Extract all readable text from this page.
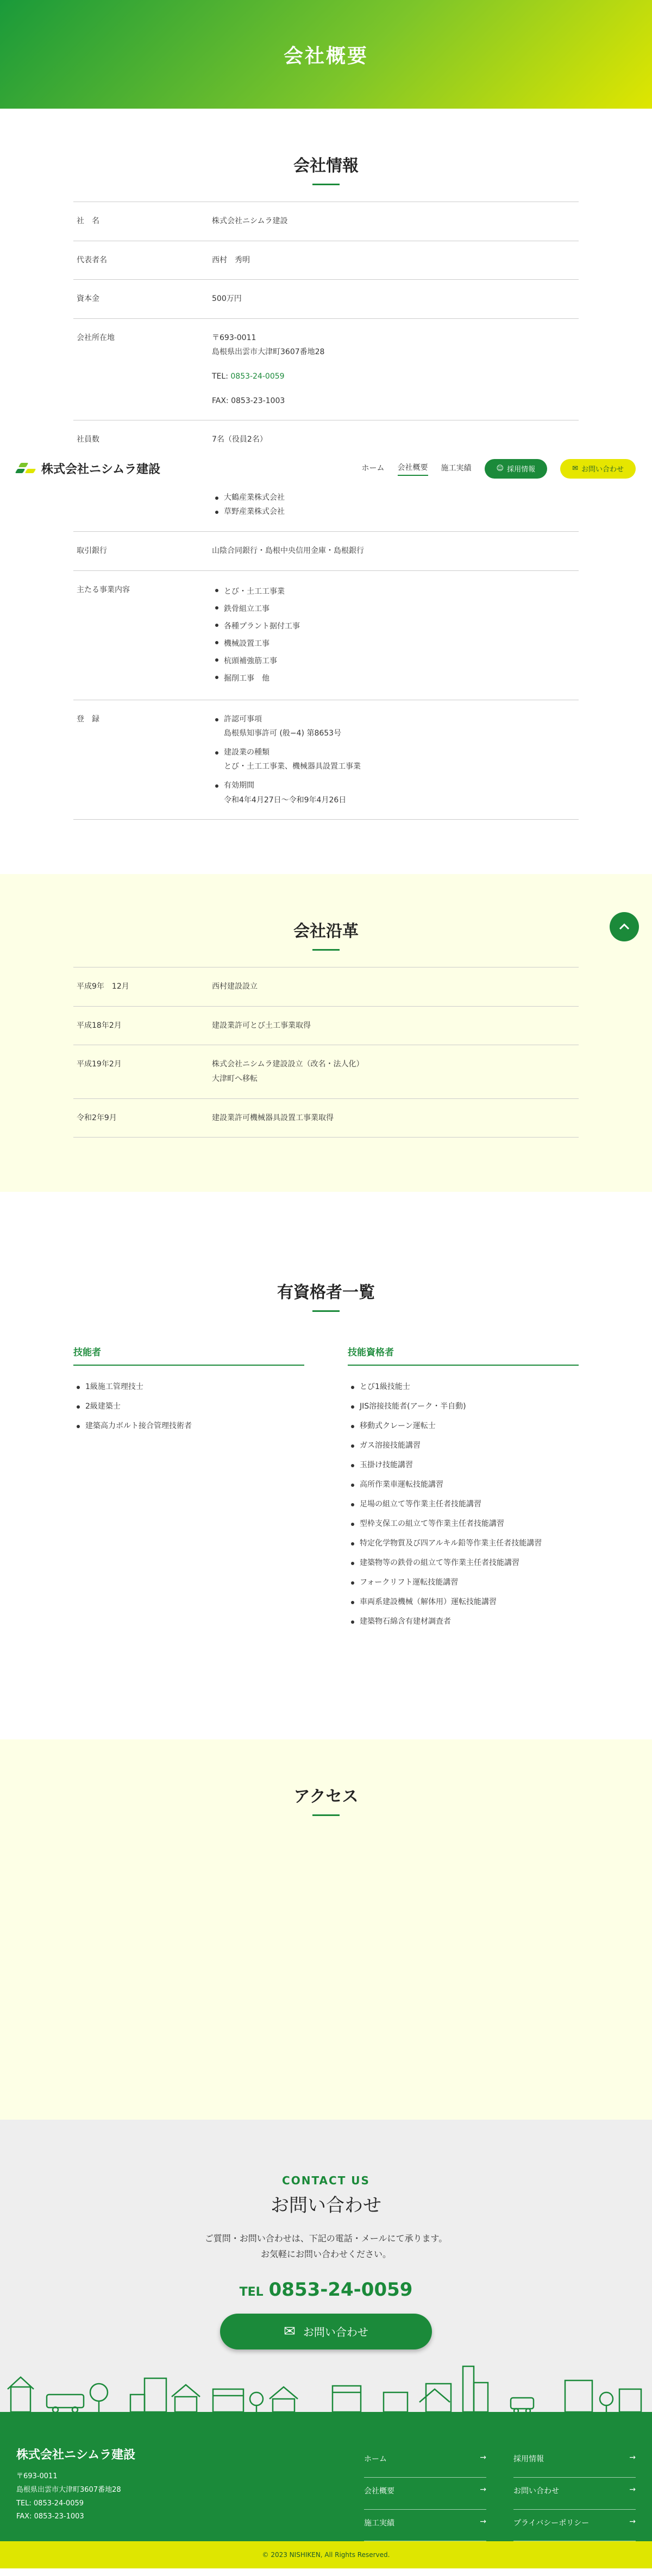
会社概要
会社情報
社　名	株式会社ニシムラ建設
代表者名	西村　秀明
資本金	500万円
会社所在地	〒693-0011
島根県出雲市大津町3607番地28
TEL: 0853-24-0059
FAX: 0853-23-1003
社員数	7名（役員2名）
株式会社ニシムラ建設	ホーム 会社概要 施工実績	☺ 採用情報	✉ お問い合わせ
大鶴産業株式会社
草野産業株式会社
取引銀行	山陰合同銀行・島根中央信用金庫・島根銀行
主たる事業内容	とび・土工工事業
鉄骨組立工事
各種プラント据付工事
機械設置工事
杭頭補強筋工事
掘削工事　他
登　録	許認可事項
島根県知事許可 (般−4) 第8653号
建設業の種類
とび・土工工事業、機械器具設置工事業
有効期間
令和4年4月27日〜令和9年4月26日
会社沿革
平成9年　12月	西村建設設立
平成18年2月	建設業許可とび土工事業取得
平成19年2月	株式会社ニシムラ建設設立（改名・法人化）
大津町へ移転
令和2年9月	建設業許可機械器具設置工事業取得
有資格者一覧
技能者
1級施工管理技士
2級建築士
建築高力ボルト接合管理技術者
技能資格者
とび1級技能士
JIS溶接技能者(アーク・半自動)
移動式クレーン運転士
ガス溶接技能講習
玉掛け技能講習
高所作業車運転技能講習
足場の組立て等作業主任者技能講習
型枠支保工の組立て等作業主任者技能講習
特定化学物質及び四アルキル鉛等作業主任者技能講習
建築物等の鉄骨の組立て等作業主任者技能講習
フォークリフト運転技能講習
車両系建設機械（解体用）運転技能講習
建築物石綿含有建材調査者
アクセス
CONTACT US
お問い合わせ

ご質問・お問い合わせは、下記の電話・メールにて承ります。
お気軽にお問い合わせください。

TEL 0853-24-0059
✉ お問い合わせ
株式会社ニシムラ建設

〒693-0011
島根県出雲市大津町3607番地28
TEL: 0853-24-0059
FAX: 0853-23-1003

ホーム	→	採用情報	→
会社概要	→	お問い合わせ	→
施工実績	→	プライバシーポリシー	→
© 2023 NISHIKEN, All Rights Reserved.
